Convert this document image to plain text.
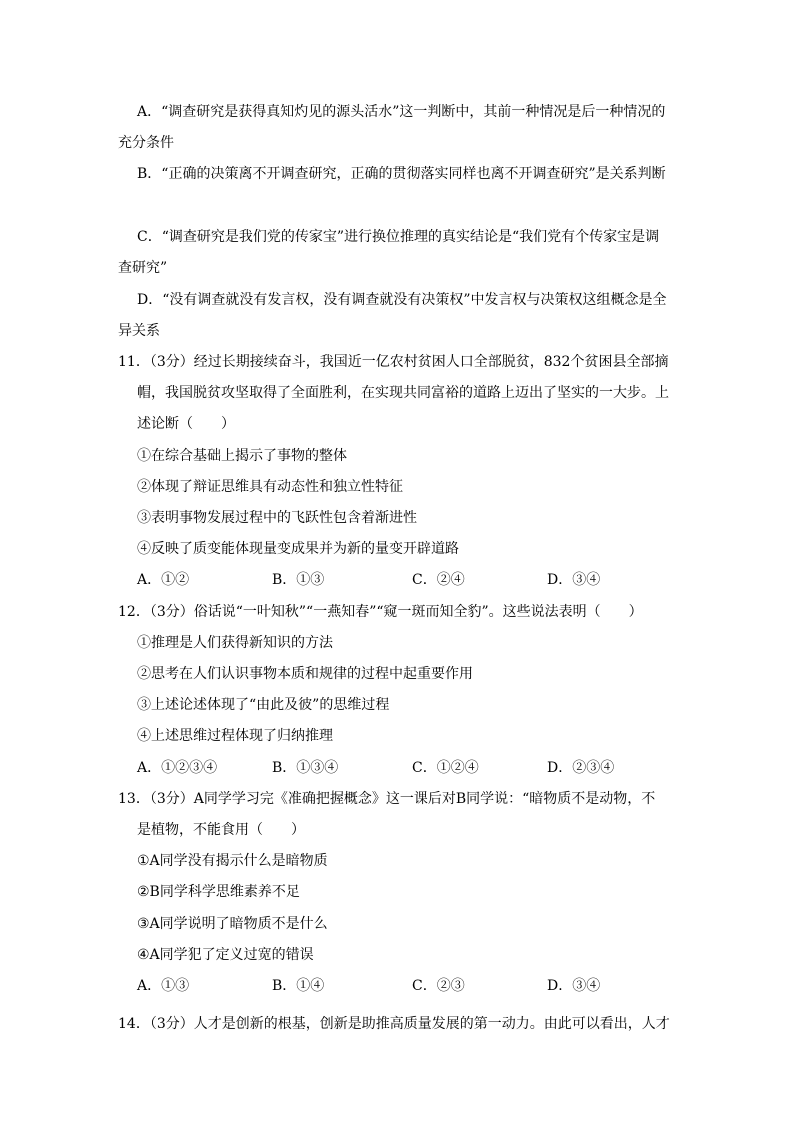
A．“调查研究是获得真知灼见的源头活水”这一判断中，其前一种情况是后一种情况的
充分条件
B．“正确的决策离不开调查研究，正确的贯彻落实同样也离不开调查研究”是关系判断
C．“调查研究是我们党的传家宝”进行换位推理的真实结论是“我们党有个传家宝是调
查研究”
D．“没有调查就没有发言权，没有调查就没有决策权”中发言权与决策权这组概念是全
异关系
11．（3分）经过长期接续奋斗，我国近一亿农村贫困人口全部脱贫，832个贫困县全部摘
帽，我国脱贫攻坚取得了全面胜利，在实现共同富裕的道路上迈出了坚实的一大步。上
述论断（　　）
①在综合基础上揭示了事物的整体
②体现了辩证思维具有动态性和独立性特征
③表明事物发展过程中的飞跃性包含着渐进性
④反映了质变能体现量变成果并为新的量变开辟道路
A．①②	B．①③	C．②④	D．③④
12．（3分）俗话说“一叶知秋”“一燕知春”“窥一斑而知全豹”。这些说法表明（　　）
①推理是人们获得新知识的方法
②思考在人们认识事物本质和规律的过程中起重要作用
③上述论述体现了“由此及彼”的思维过程
④上述思维过程体现了归纳推理
A．①②③④	B．①③④	C．①②④	D．②③④
13．（3分）A同学学习完《准确把握概念》这一课后对B同学说：“暗物质不是动物，不
是植物，不能食用（　　）
①A同学没有揭示什么是暗物质
②B同学科学思维素养不足
③A同学说明了暗物质不是什么
④A同学犯了定义过宽的错误
A．①③	B．①④	C．②③	D．③④
14．（3分）人才是创新的根基，创新是助推高质量发展的第一动力。由此可以看出，人才
